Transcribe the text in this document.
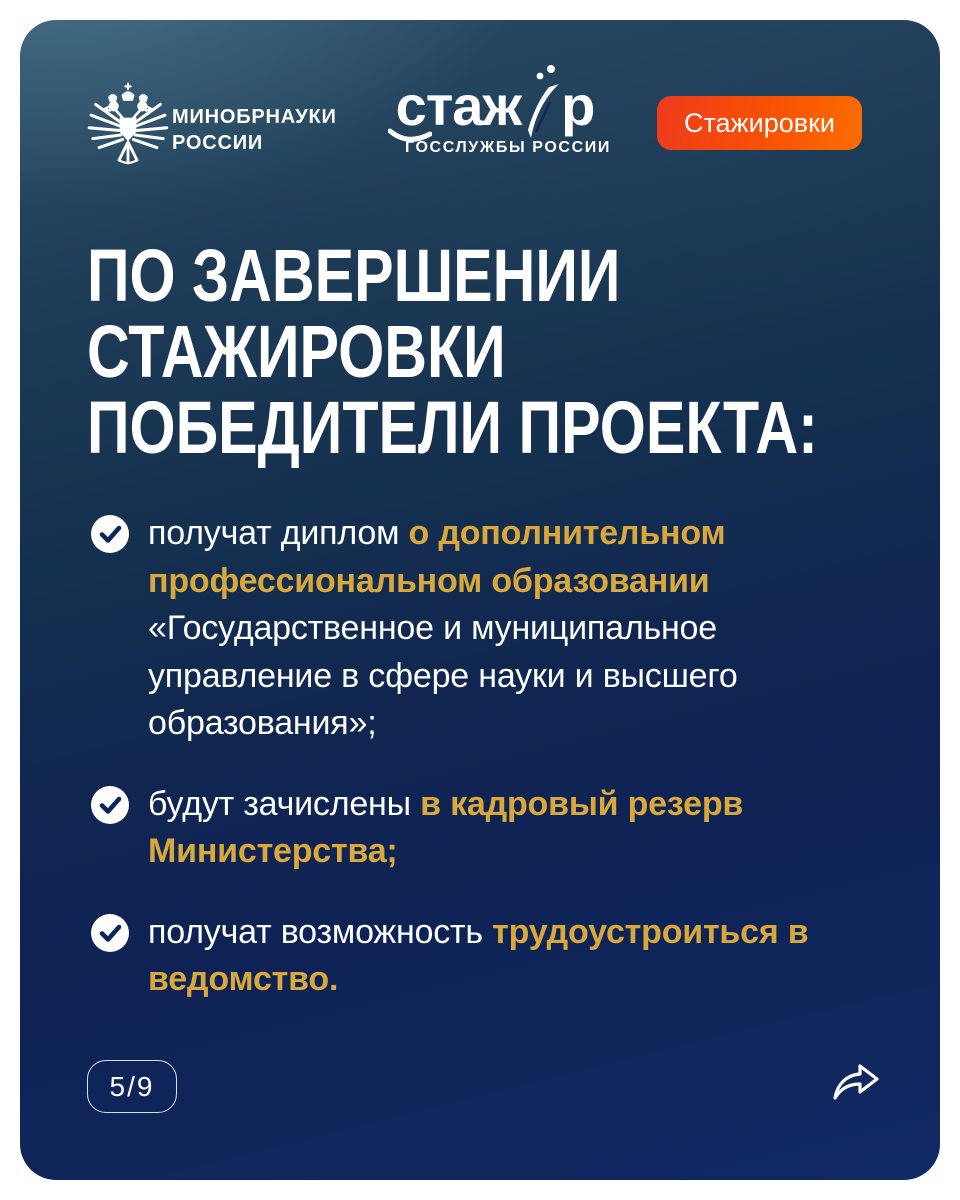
МИНОБРНАУКИ
РОССИИ
стаж р
ГОССЛУЖБЫ РОССИИ
Стажировки
ПО ЗАВЕРШЕНИИ
СТАЖИРОВКИ
ПОБЕДИТЕЛИ ПРОЕКТА:

получат диплом о дополнительном профессиональном образовании «Государственное и муниципальное управление в сфере науки и высшего образования»;

будут зачислены в кадровый резерв Министерства;

получат возможность трудоустроиться в ведомство.

5/9
